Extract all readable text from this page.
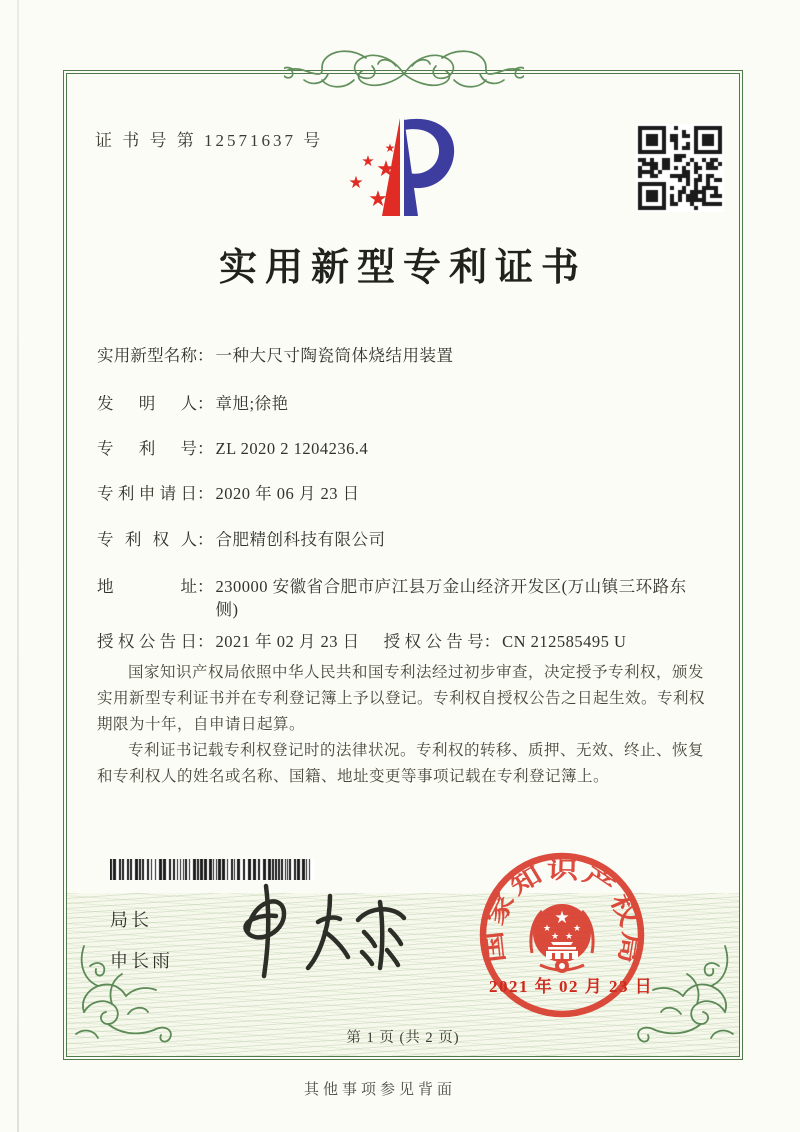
证 书 号 第 12571637 号	★
★ ★
★
★
实用新型专利证书
实用新型名称 ： 一种大尺寸陶瓷筒体烧结用装置
发明人 ： 章旭;徐艳
专利号 ： ZL 2020 2 1204236.4
专利申请日 ： 2020 年 06 月 23 日
专利权人 ： 合肥精创科技有限公司
地址 ： 230000 安徽省合肥市庐江县万金山经济开发区(万山镇三环路东侧)
授权公告日 ： 2021 年 02 月 23 日 授权公告号 ： CN 212585495 U

国家知识产权局依照中华人民共和国专利法经过初步审查，决定授予专利权，颁发实用新型专利证书并在专利登记簿上予以登记。专利权自授权公告之日起生效。专利权期限为十年，自申请日起算。

专利证书记载专利权登记时的法律状况。专利权的转移、质押、无效、终止、恢复和专利权人的姓名或名称、国籍、地址变更等事项记载在专利登记簿上。

局长
申长雨	国家知识产权局
★
★
★ ★
★
2021 年 02 月 23 日
第 1 页 (共 2 页)
其他事项参见背面
